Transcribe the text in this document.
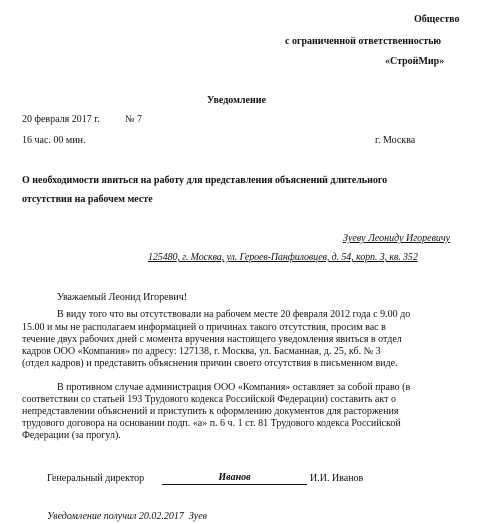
Общество
с ограниченной ответственностью
«СтройМир»
Уведомление
20 февраля 2017 г.	№ 7
16 час. 00 мин.	г. Москва
О необходимости явиться на работу для представления объяснений длительного
отсутствия на рабочем месте
Зуеву Леониду Игоревичу
125480, г. Москва, ул. Героев-Панфиловцев, д. 54, корп. 3, кв. 352
Уважаемый Леонид Игоревич!
В виду того что вы отсутствовали на рабочем месте 20 февраля 2012 года с 9.00 до
15.00 и мы не располагаем информацией о причинах такого отсутствия, просим вас в
течение двух рабочих дней с момента вручения настоящего уведомления явиться в отдел
кадров ООО «Компания» по адресу: 127138, г. Москва, ул. Басманная, д. 25, кб. № 3
(отдел кадров) и представить объяснения причин своего отсутствия в письменном виде.
В противном случае администрация ООО «Компания» оставляет за собой право (в
соответствии со статьей 193 Трудового кодекса Российской Федерации) составить акт о
непредставлении объяснений и приступить к оформлению документов для расторжения
трудового договора на основании подп. «а» п. 6 ч. 1 ст. 81 Трудового кодекса Российской
Федерации (за прогул).
Генеральный директор	Иванов	И.И. Иванов
Уведомление получил 20.02.2017  Зуев
